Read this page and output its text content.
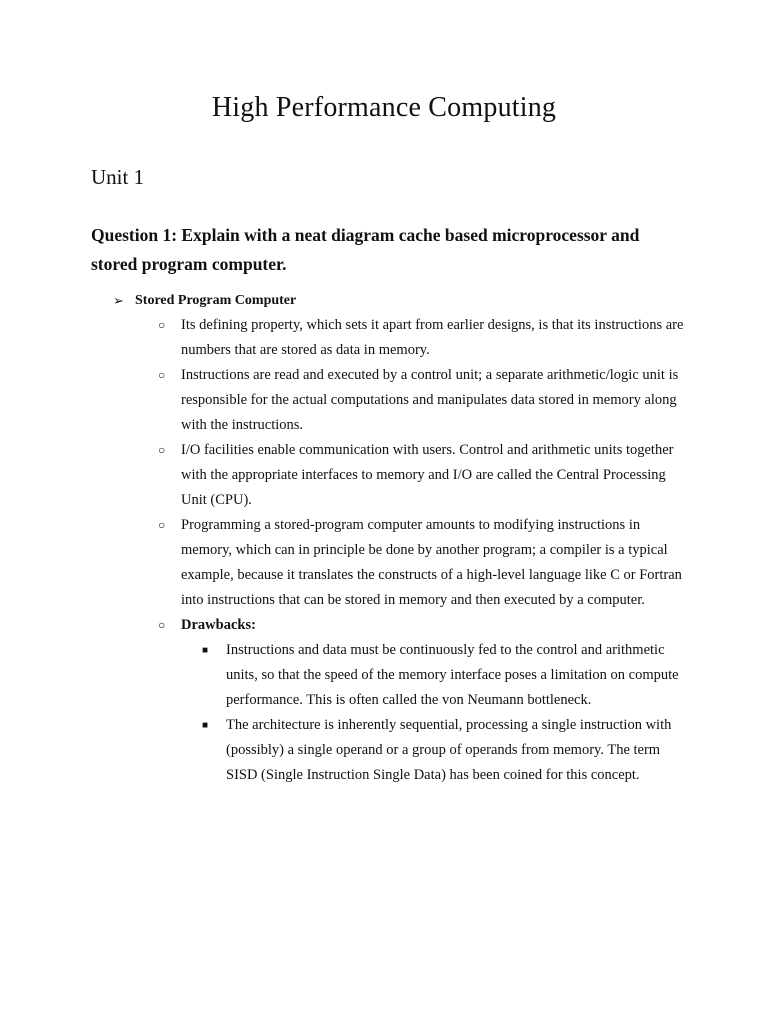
High Performance Computing
Unit 1

Question 1: Explain with a neat diagram cache based microprocessor and stored program computer.

➢ Stored Program Computer
○ Its defining property, which sets it apart from earlier designs, is that its instructions are numbers that are stored as data in memory.
○ Instructions are read and executed by a control unit; a separate arithmetic/logic unit is responsible for the actual computations and manipulates data stored in memory along with the instructions.
○ I/O facilities enable communication with users. Control and arithmetic units together with the appropriate interfaces to memory and I/O are called the Central Processing Unit (CPU).
○ Programming a stored-program computer amounts to modifying instructions in memory, which can in principle be done by another program; a compiler is a typical example, because it translates the constructs of a high-level language like C or Fortran into instructions that can be stored in memory and then executed by a computer.
○ Drawbacks:
■ Instructions and data must be continuously fed to the control and arithmetic units, so that the speed of the memory interface poses a limitation on compute performance. This is often called the von Neumann bottleneck.
■ The architecture is inherently sequential, processing a single instruction with (possibly) a single operand or a group of operands from memory. The term SISD (Single Instruction Single Data) has been coined for this concept.
